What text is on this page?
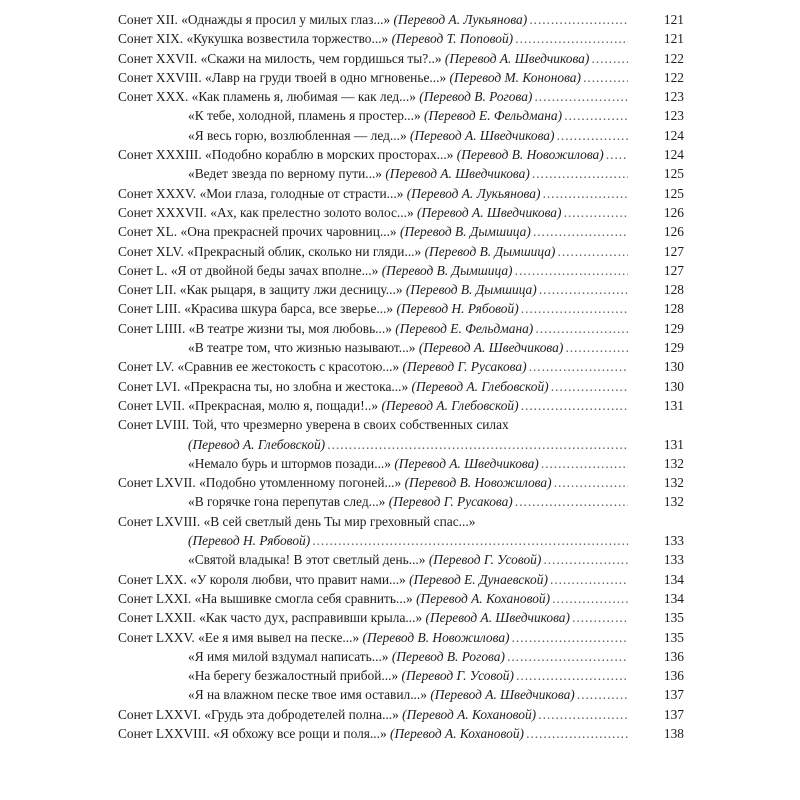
Сонет XII. «Однажды я просил у милых глаз...» (Перевод А. Лукьянова) . . .	121
Сонет XIX. «Кукушка возвестила торжество...» (Перевод Т. Поповой) . . .	121
Сонет XXVII. «Скажи на милость, чем гордишься ты?..» (Перевод А. Шведчикова) . . .	122
Сонет XXVIII. «Лавр на груди твоей в одно мгновенье...» (Перевод М. Кононова) . . .	122
Сонет XXX. «Как пламень я, любимая — как лед...» (Перевод В. Рогова) . . .	123
«К тебе, холодной, пламень я простер...» (Перевод Е. Фельдмана) . . .	123
«Я весь горю, возлюбленная — лед...» (Перевод А. Шведчикова) . . .	124
Сонет XXXIII. «Подобно кораблю в морских просторах...» (Перевод В. Новожилова) . . .	124
«Ведет звезда по верному пути...» (Перевод А. Шведчикова) . . .	125
Сонет XXXV. «Мои глаза, голодные от страсти...» (Перевод А. Лукьянова) . . .	125
Сонет XXXVII. «Ах, как прелестно золото волос...» (Перевод А. Шведчикова) . . .	126
Сонет XL. «Она прекрасней прочих чаровниц...» (Перевод В. Дымшица) . . .	126
Сонет XLV. «Прекрасный облик, сколько ни гляди...» (Перевод В. Дымшица) . . .	127
Сонет L. «Я от двойной беды зачах вполне...» (Перевод В. Дымшица) . . .	127
Сонет LII. «Как рыцаря, в защиту лжи десницу...» (Перевод В. Дымшица) . . .	128
Сонет LIII. «Красива шкура барса, все зверье...» (Перевод Н. Рябовой) . . .	128
Сонет LIIII. «В театре жизни ты, моя любовь...» (Перевод Е. Фельдмана) . . .	129
«В театре том, что жизнью называют...» (Перевод А. Шведчикова) . . .	129
Сонет LV. «Сравнив ее жестокость с красотою...» (Перевод Г. Русакова) . . .	130
Сонет LVI. «Прекрасна ты, но злобна и жестока...» (Перевод А. Глебовской) . . .	130
Сонет LVII. «Прекрасная, молю я, пощади!..» (Перевод А. Глебовской) . . .	131
Сонет LVIII. Той, что чрезмерно уверена в своих собственных силах
(Перевод А. Глебовской) . . .	131
«Немало бурь и штормов позади...» (Перевод А. Шведчикова) . . .	132
Сонет LXVII. «Подобно утомленному погоней...» (Перевод В. Новожилова) . . .	132
«В горячке гона перепутав след...» (Перевод Г. Русакова) . . .	132
Сонет LXVIII. «В сей светлый день Ты мир греховный спас...»
(Перевод Н. Рябовой) . . .	133
«Святой владыка! В этот светлый день...» (Перевод Г. Усовой) . . .	133
Сонет LXX. «У короля любви, что правит нами...» (Перевод Е. Дунаевской) . . .	134
Сонет LXXI. «На вышивке смогла себя сравнить...» (Перевод А. Кохановой) . . .	134
Сонет LXXII. «Как часто дух, расправивши крыла...» (Перевод А. Шведчикова) . . .	135
Сонет LXXV. «Ее я имя вывел на песке...» (Перевод В. Новожилова) . . .	135
«Я имя милой вздумал написать...» (Перевод В. Рогова) . . .	136
«На берегу безжалостный прибой...» (Перевод Г. Усовой) . . .	136
«Я на влажном песке твое имя оставил...» (Перевод А. Шведчикова) . . .	137
Сонет LXXVI. «Грудь эта добродетелей полна...» (Перевод А. Кохановой) . . .	137
Сонет LXXVIII. «Я обхожу все рощи и поля...» (Перевод А. Кохановой) . . .	138
